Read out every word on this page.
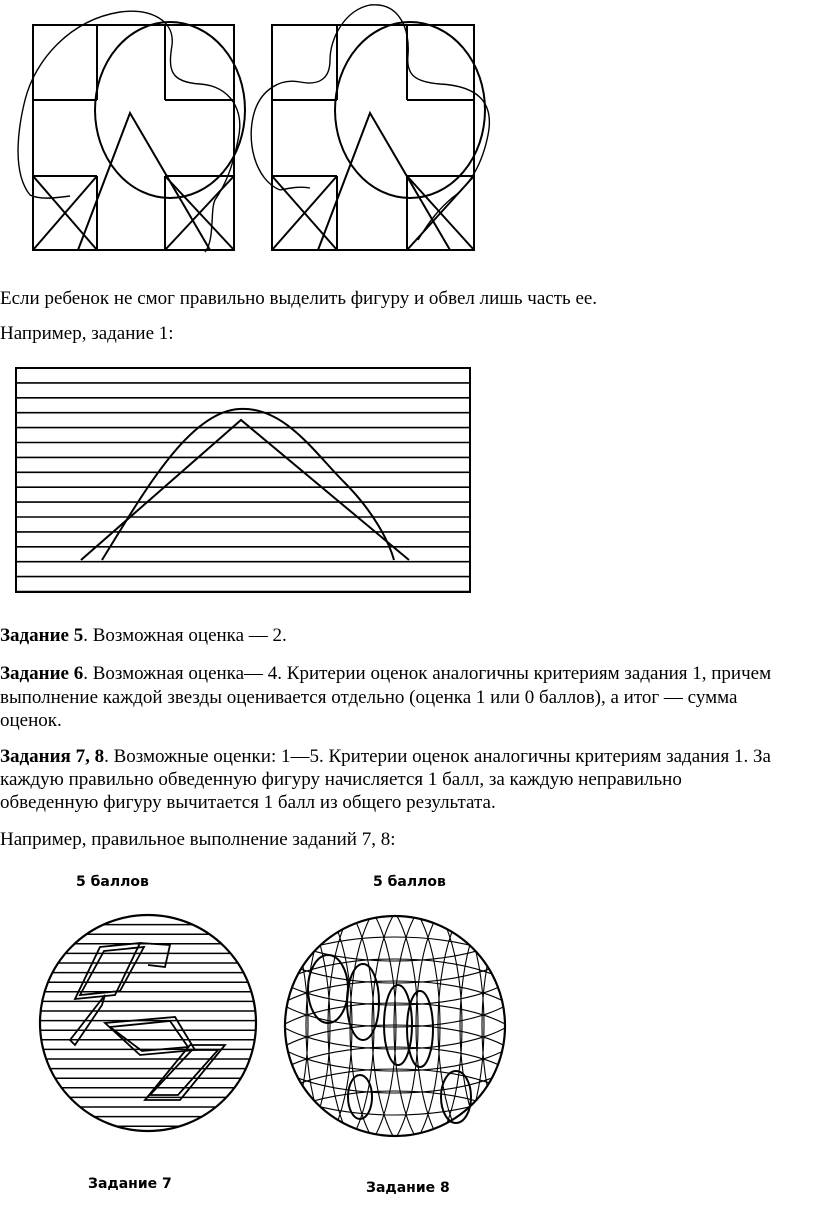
Если ребенок не смог правильно выделить фигуру и обвел лишь часть ее.
Например, задание 1:
Задание 5. Возможная оценка — 2.
Задание 6. Возможная оценка— 4. Критерии оценок аналогичны критериям задания 1, причем
выполнение каждой звезды оценивается отдельно (оценка 1 или 0 баллов), а итог — сумма
оценок.
Задания 7, 8. Возможные оценки: 1—5. Критерии оценок аналогичны критериям задания 1. За
каждую правильно обведенную фигуру начисляется 1 балл, за каждую неправильно
обведенную фигуру вычитается 1 балл из общего результата.
Например, правильное выполнение заданий 7, 8:
5 баллов	5 баллов
Задание 7	Задание 8
